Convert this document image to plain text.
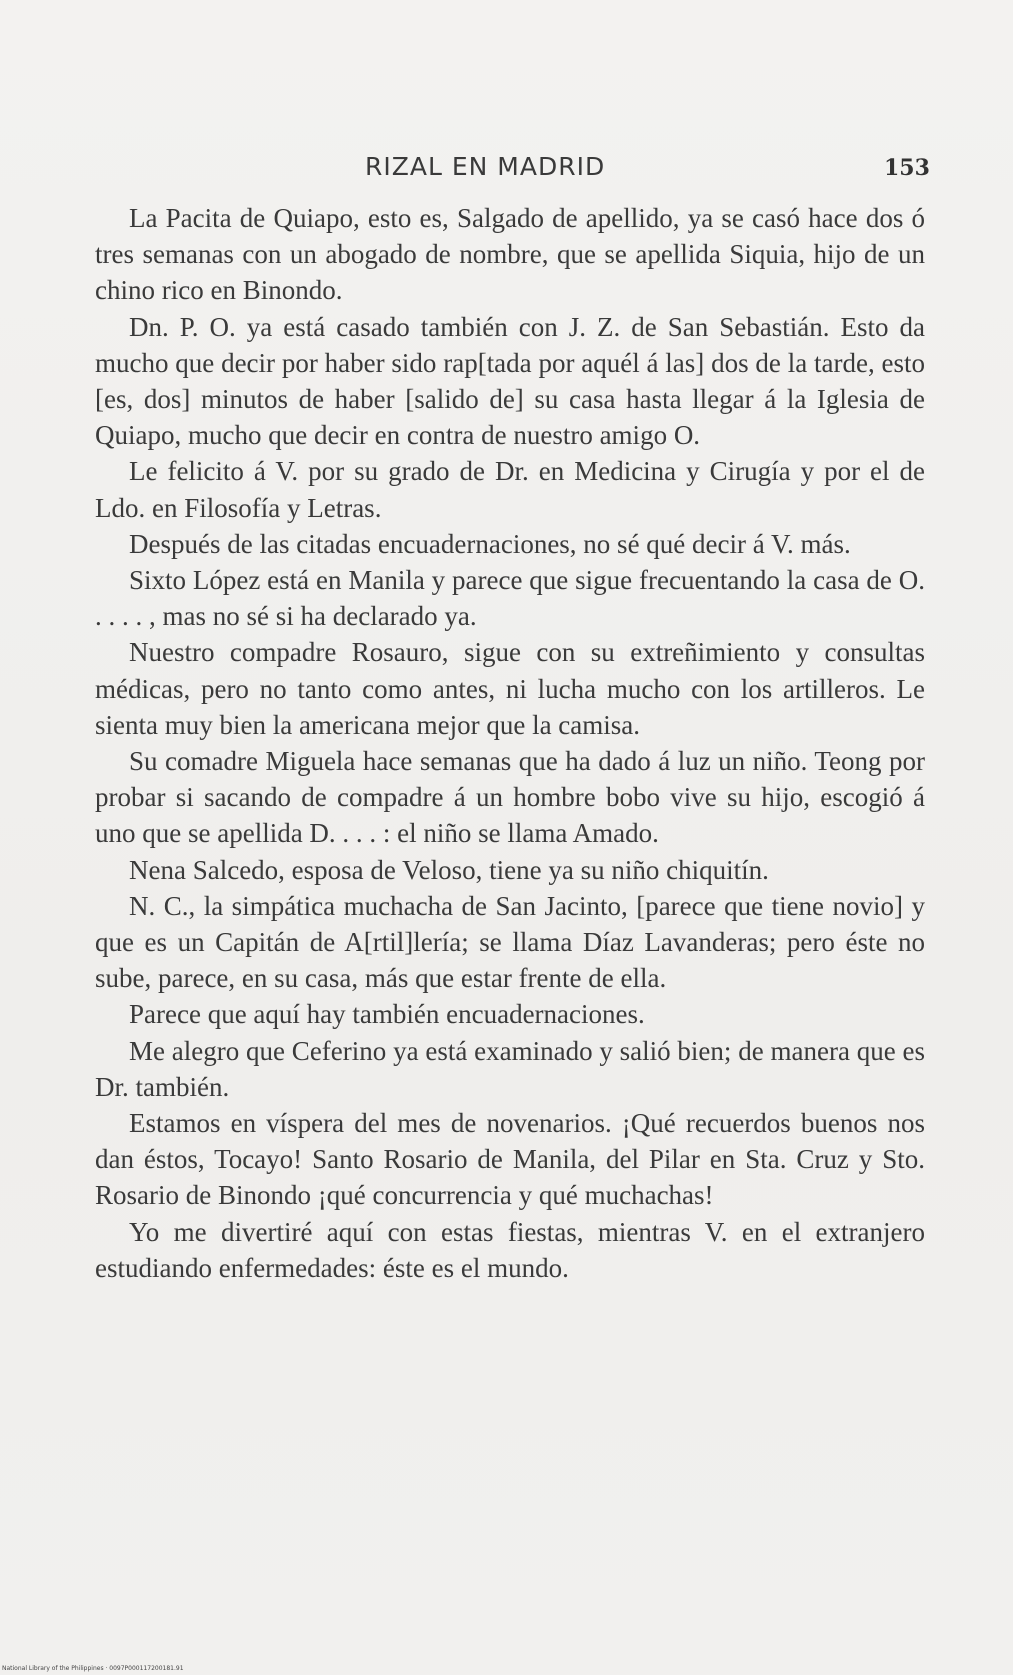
RIZAL EN MADRID	153

La Pacita de Quiapo, esto es, Salgado de apellido, ya se casó hace dos ó tres semanas con un abogado de nombre, que se apellida Siquia, hijo de un chino rico en Binondo.

Dn. P. O. ya está casado también con J. Z. de San Sebastián. Esto da mucho que decir por haber sido rap[tada por aquél á las] dos de la tarde, esto [es, dos] minutos de haber [salido de] su casa hasta llegar á la Iglesia de Quiapo, mucho que decir en contra de nuestro amigo O.

Le felicito á V. por su grado de Dr. en Medicina y Cirugía y por el de Ldo. en Filosofía y Letras.

Después de las citadas encuadernaciones, no sé qué decir á V. más.

Sixto López está en Manila y parece que sigue frecuentando la casa de O. . . . . , mas no sé si ha declarado ya.

Nuestro compadre Rosauro, sigue con su extreñimiento y consultas médicas, pero no tanto como antes, ni lucha mucho con los artilleros. Le sienta muy bien la americana mejor que la camisa.

Su comadre Miguela hace semanas que ha dado á luz un niño. Teong por probar si sacando de compadre á un hombre bobo vive su hijo, escogió á uno que se apellida D. . . . : el niño se llama Amado.

Nena Salcedo, esposa de Veloso, tiene ya su niño chiquitín.

N. C., la simpática muchacha de San Jacinto, [parece que tiene novio] y que es un Capitán de A[rtil]lería; se llama Díaz Lavanderas; pero éste no sube, parece, en su casa, más que estar frente de ella.

Parece que aquí hay también encuadernaciones.

Me alegro que Ceferino ya está examinado y salió bien; de manera que es Dr. también.

Estamos en víspera del mes de novenarios. ¡Qué recuerdos buenos nos dan éstos, Tocayo! Santo Rosario de Manila, del Pilar en Sta. Cruz y Sto. Rosario de Binondo ¡qué concurrencia y qué muchachas!

Yo me divertiré aquí con estas fiestas, mientras V. en el extranjero estudiando enfermedades: éste es el mundo.

National Library of the Philippines · 0097P000117200181.91
